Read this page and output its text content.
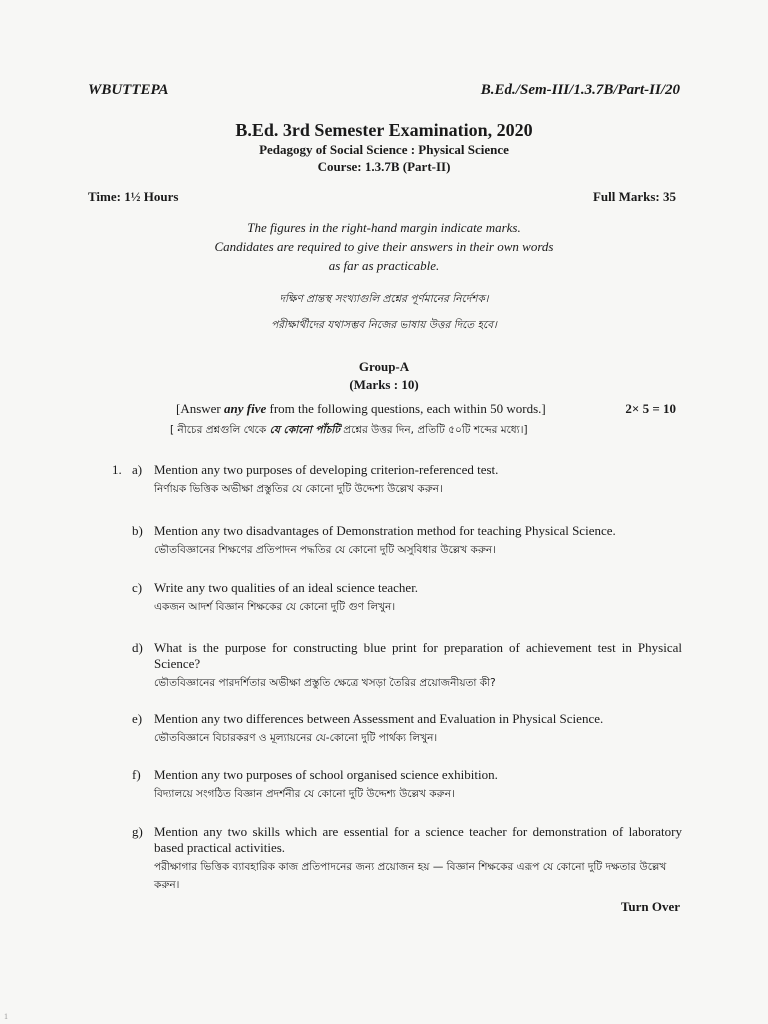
WBUTTEPA	B.Ed./Sem-III/1.3.7B/Part-II/20
B.Ed. 3rd Semester Examination, 2020
Pedagogy of Social Science : Physical Science
Course: 1.3.7B (Part-II)
Time: 1½ Hours	Full Marks: 35
The figures in the right-hand margin indicate marks.
Candidates are required to give their answers in their own words
as far as practicable.
দক্ষিণ প্রান্তস্থ সংখ্যাগুলি প্রশ্নের পূর্ণমানের নির্দেশক।
পরীক্ষার্থীদের যথাসম্ভব নিজের ভাষায় উত্তর দিতে হবে।
Group-A
(Marks : 10)
[Answer any five from the following questions, each within 50 words.]	2× 5 = 10
[ নীচের প্রশ্নগুলি থেকে যে কোনো পাঁচটি প্রশ্নের উত্তর দিন, প্রতিটি ৫০টি শব্দের মধ্যে।]
1. a) Mention any two purposes of developing criterion-referenced test.
নির্ণায়ক ভিত্তিক অভীক্ষা প্রস্তুতির যে কোনো দুটি উদ্দেশ্য উল্লেখ করুন।
b) Mention any two disadvantages of Demonstration method for teaching Physical Science.
ভৌতবিজ্ঞানের শিক্ষণের প্রতিপাদন পদ্ধতির যে কোনো দুটি অসুবিধার উল্লেখ করুন।
c) Write any two qualities of an ideal science teacher.
একজন আদর্শ বিজ্ঞান শিক্ষকের যে কোনো দুটি গুণ লিখুন।
d) What is the purpose for constructing blue print for preparation of achievement test in Physical Science?
ভৌতবিজ্ঞানের পারদর্শিতার অভীক্ষা প্রস্তুতি ক্ষেত্রে খসড়া তৈরির প্রয়োজনীয়তা কী?
e) Mention any two differences between Assessment and Evaluation in Physical Science.
ভৌতবিজ্ঞানে বিচারকরণ ও মূল্যায়নের যে-কোনো দুটি পার্থক্য লিখুন।
f) Mention any two purposes of school organised science exhibition.
বিদ্যালয়ে সংগঠিত বিজ্ঞান প্রদর্শনীর যে কোনো দুটি উদ্দেশ্য উল্লেখ করুন।
g) Mention any two skills which are essential for a science teacher for demonstration of laboratory based practical activities.
পরীক্ষাগার ভিত্তিক ব্যাবহারিক কাজ প্রতিপাদনের জন্য প্রয়োজন হয় — বিজ্ঞান শিক্ষকের এরূপ যে কোনো দুটি দক্ষতার উল্লেখ করুন।
Turn Over
1
